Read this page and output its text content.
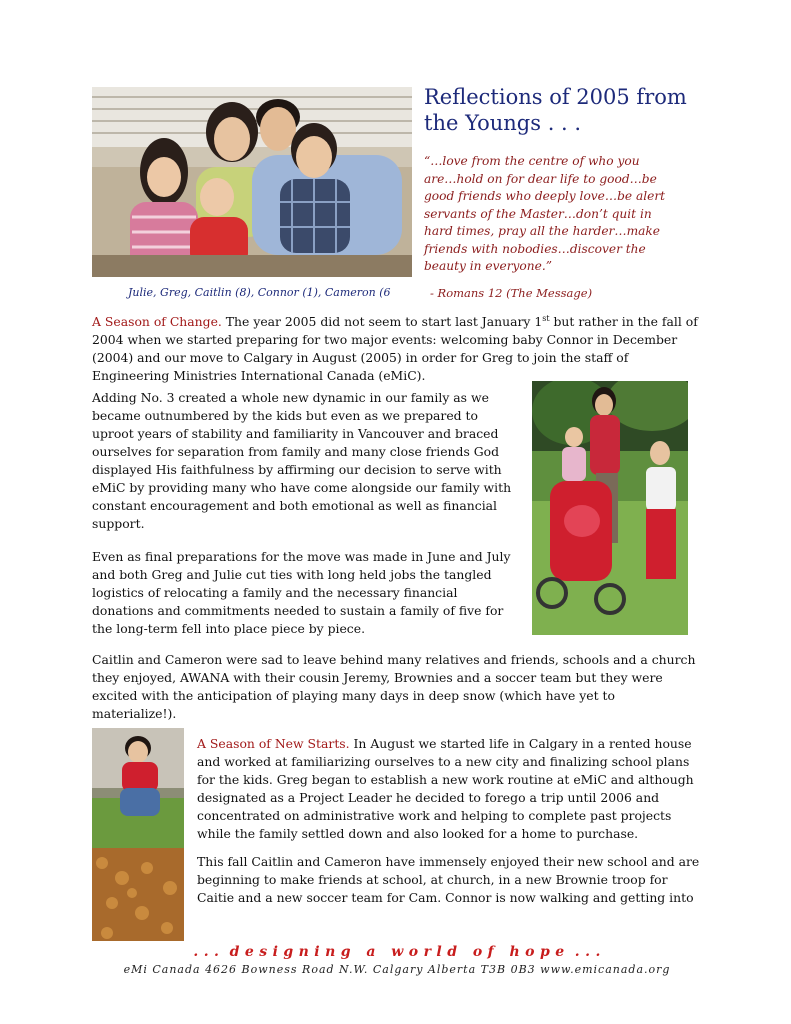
Reflections of 2005 from the Youngs . . .

“…love from the centre of who you are…hold on for dear life to good…be good friends who deeply love…be alert servants of the Master…don’t quit in hard times, pray all the harder…make friends with nobodies…discover the beauty in everyone.”

Julie, Greg, Caitlin (8), Connor (1), Cameron (6	- Romans 12 (The Message)

A Season of Change. The year 2005 did not seem to start last January 1st but rather in the fall of 2004 when we started preparing for two major events: welcoming baby Connor in December (2004) and our move to Calgary in August (2005) in order for Greg to join the staff of Engineering Ministries International Canada (eMiC).

Adding No. 3 created a whole new dynamic in our family as we became outnumbered by the kids but even as we prepared to uproot years of stability and familiarity in Vancouver and braced ourselves for separation from family and many close friends God displayed His faithfulness by affirming our decision to serve with eMiC by providing many who have come alongside our family with constant encouragement and both emotional as well as financial support.

Even as final preparations for the move was made in June and July and both Greg and Julie cut ties with long held jobs the tangled logistics of relocating a family and the necessary financial donations and commitments needed to sustain a family of five for the long-term fell into place piece by piece.

Caitlin and Cameron were sad to leave behind many relatives and friends, schools and a church they enjoyed, AWANA with their cousin Jeremy, Brownies and a soccer team but they were excited with the anticipation of playing many days in deep snow (which have yet to materialize!).

A Season of New Starts. In August we started life in Calgary in a rented house and worked at familiarizing ourselves to a new city and finalizing school plans for the kids. Greg began to establish a new work routine at eMiC and although designated as a Project Leader he decided to forego a trip until 2006 and concentrated on administrative work and helping to complete past projects while the family settled down and also looked for a home to purchase.

This fall Caitlin and Cameron have immensely enjoyed their new school and are beginning to make friends at school, at church, in a new Brownie troop for Caitie and a new soccer team for Cam. Connor is now walking and getting into

. . .  d e s i g n i n g   a   w o r l d   o f   h o p e  . . .
eMi Canada 4626 Bowness Road N.W. Calgary Alberta T3B 0B3 www.emicanada.org
